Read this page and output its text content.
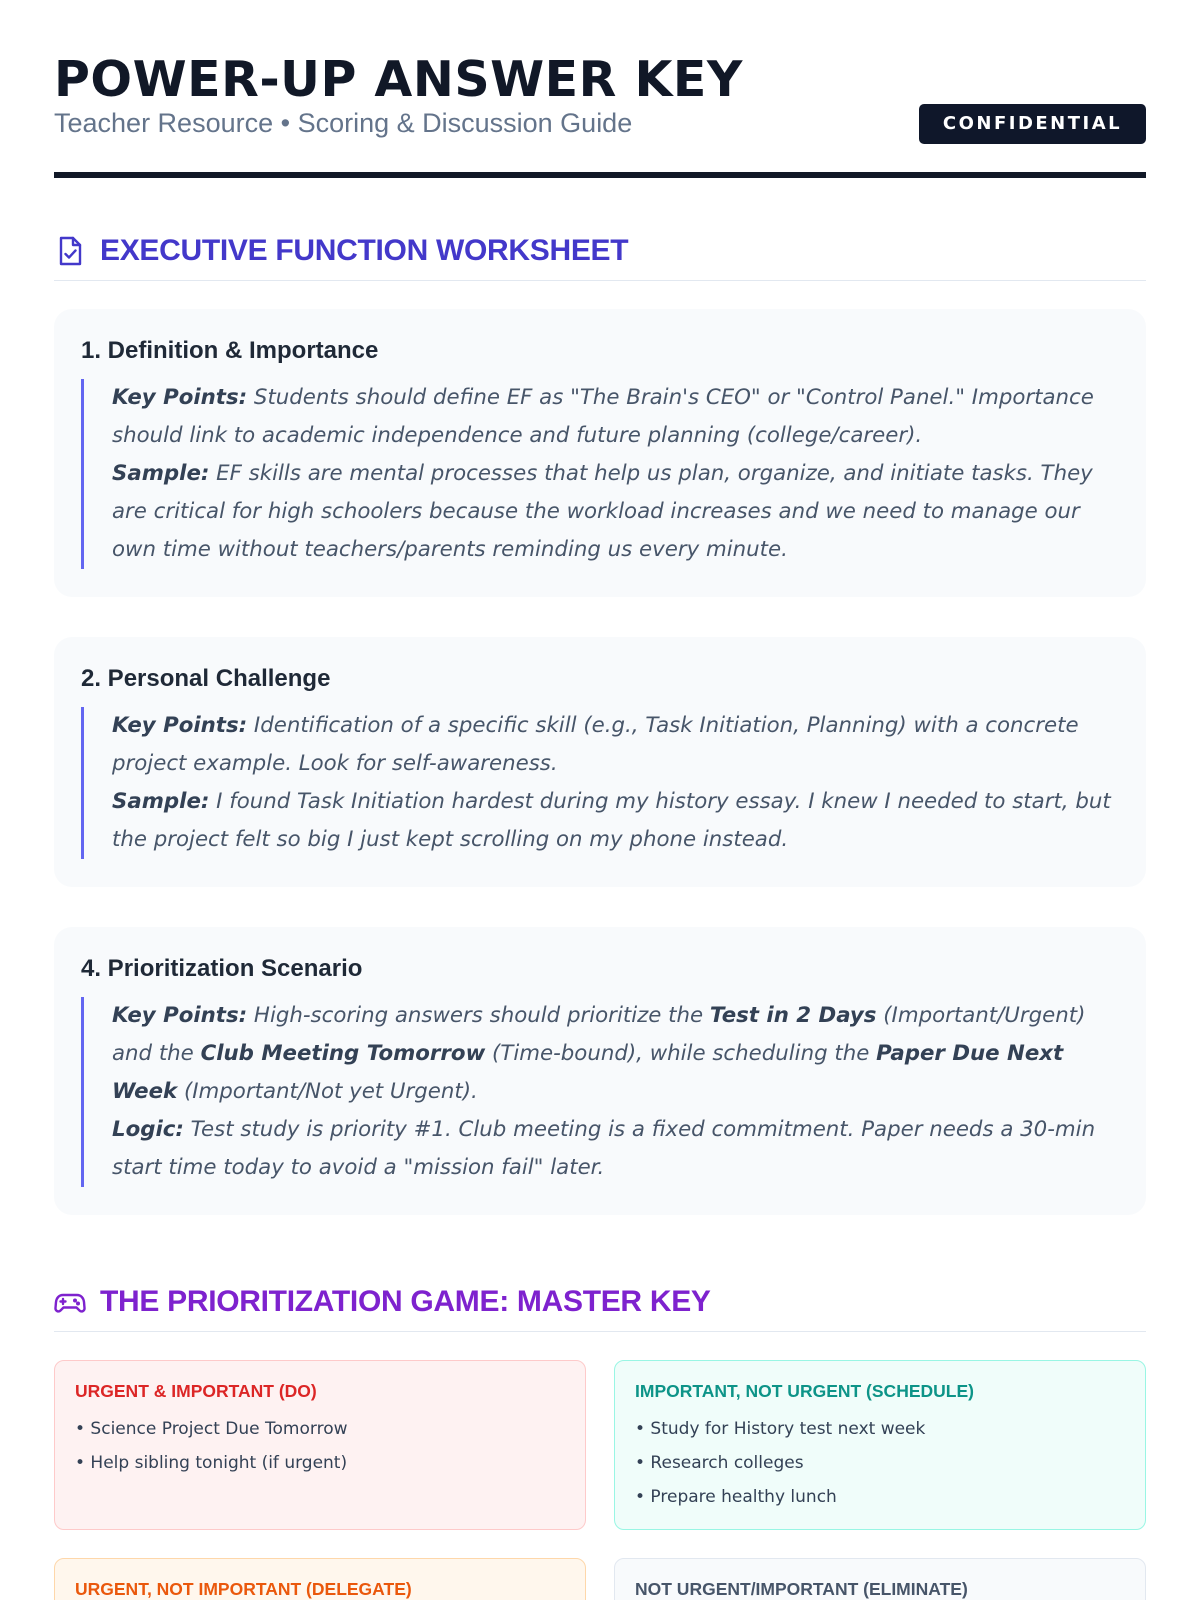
POWER-UP ANSWER KEY
Teacher Resource • Scoring & Discussion Guide	CONFIDENTIAL
EXECUTIVE FUNCTION WORKSHEET
1. Definition & Importance
Key Points: Students should define EF as "The Brain's CEO" or "Control Panel." Importance should link to academic independence and future planning (college/career).
Sample: EF skills are mental processes that help us plan, organize, and initiate tasks. They are critical for high schoolers because the workload increases and we need to manage our own time without teachers/parents reminding us every minute.
2. Personal Challenge
Key Points: Identification of a specific skill (e.g., Task Initiation, Planning) with a concrete project example. Look for self-awareness.
Sample: I found Task Initiation hardest during my history essay. I knew I needed to start, but the project felt so big I just kept scrolling on my phone instead.
4. Prioritization Scenario
Key Points: High-scoring answers should prioritize the Test in 2 Days (Important/Urgent) and the Club Meeting Tomorrow (Time-bound), while scheduling the Paper Due Next Week (Important/Not yet Urgent).
Logic: Test study is priority #1. Club meeting is a fixed commitment. Paper needs a 30-min start time today to avoid a "mission fail" later.
THE PRIORITIZATION GAME: MASTER KEY
URGENT & IMPORTANT (DO)
• Science Project Due Tomorrow
• Help sibling tonight (if urgent)
IMPORTANT, NOT URGENT (SCHEDULE)
• Study for History test next week
• Research colleges
• Prepare healthy lunch
URGENT, NOT IMPORTANT (DELEGATE)	NOT URGENT/IMPORTANT (ELIMINATE)
